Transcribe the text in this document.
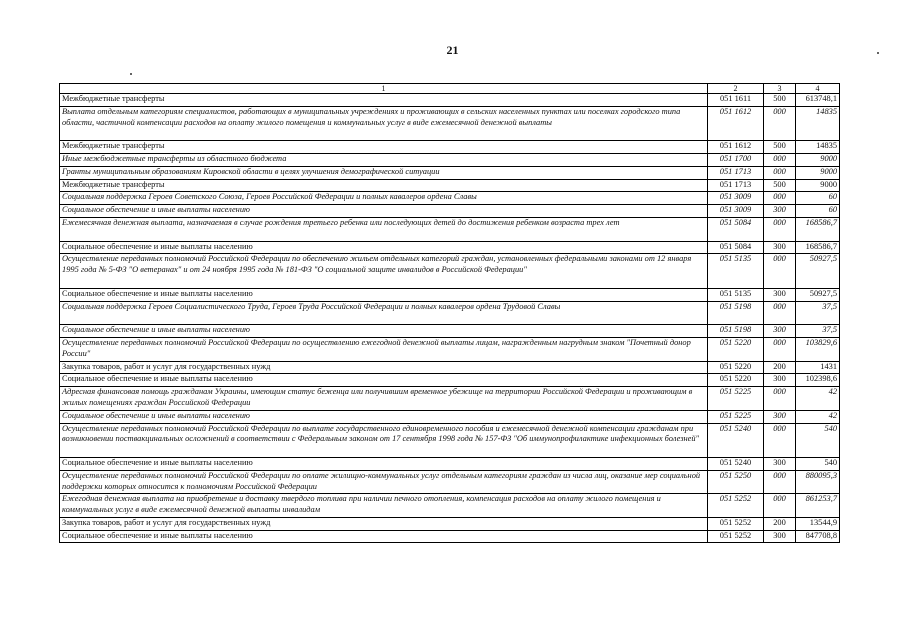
21
1	2	3	4
Межбюджетные трансферты	051 1611	500	613748,1
Выплата отдельным категориям специалистов, работающих в муниципальных учреждениях и проживающих в сельских населенных пунктах или поселках городского типа области, частичной компенсации расходов на оплату жилого помещения и коммунальных услуг в виде ежемесячной денежной выплаты	051 1612	000	14835
Межбюджетные трансферты	051 1612	500	14835
Иные межбюджетные трансферты из областного бюджета	051 1700	000	9000
Гранты муниципальным образованиям Кировской области в целях улучшения демографической ситуации	051 1713	000	9000
Межбюджетные трансферты	051 1713	500	9000
Социальная поддержка Героев Советского Союза, Героев Российской Федерации и полных кавалеров ордена Славы	051 3009	000	60
Социальное обеспечение и иные выплаты населению	051 3009	300	60
Ежемесячная денежная выплата, назначаемая в случае рождения третьего ребенка или последующих детей до достижения ребенком возраста трех лет	051 5084	000	168586,7
Социальное обеспечение и иные выплаты населению	051 5084	300	168586,7
Осуществление переданных полномочий Российской Федерации по обеспечению жильем отдельных категорий граждан, установленных федеральными законами от 12 января 1995 года № 5-ФЗ "О ветеранах" и от 24 ноября 1995 года № 181-ФЗ "О социальной защите инвалидов в Российской Федерации"	051 5135	000	50927,5
Социальное обеспечение и иные выплаты населению	051 5135	300	50927,5
Социальная поддержка Героев Социалистического Труда, Героев Труда Российской Федерации и полных кавалеров ордена Трудовой Славы	051 5198	000	37,5
Социальное обеспечение и иные выплаты населению	051 5198	300	37,5
Осуществление переданных полномочий Российской Федерации по осуществлению ежегодной денежной выплаты лицам, награжденным нагрудным знаком "Почетный донор России"	051 5220	000	103829,6
Закупка товаров, работ и услуг для государственных нужд	051 5220	200	1431
Социальное обеспечение и иные выплаты населению	051 5220	300	102398,6
Адресная финансовая помощь гражданам Украины, имеющим статус беженца или получившим временное убежище на территории Российской Федерации и проживающим в жилых помещениях граждан Российской Федерации	051 5225	000	42
Социальное обеспечение и иные выплаты населению	051 5225	300	42
Осуществление переданных полномочий Российской Федерации по выплате государственного единовременного пособия и ежемесячной денежной компенсации гражданам при возникновении поствакцинальных осложнений в соответствии с Федеральным законом от 17 сентября 1998 года № 157-ФЗ "Об иммунопрофилактике инфекционных болезней"	051 5240	000	540
Социальное обеспечение и иные выплаты населению	051 5240	300	540
Осуществление переданных полномочий Российской Федерации по оплате жилищно-коммунальных услуг отдельным категориям граждан из числа лиц, оказание мер социальной поддержки которых относится к полномочиям Российской Федерации	051 5250	000	880095,3
Ежегодная денежная выплата на приобретение и доставку твердого топлива при наличии печного отопления, компенсация расходов на оплату жилого помещения и коммунальных услуг в виде ежемесячной денежной выплаты инвалидам	051 5252	000	861253,7
Закупка товаров, работ и услуг для государственных нужд	051 5252	200	13544,9
Социальное обеспечение и иные выплаты населению	051 5252	300	847708,8
